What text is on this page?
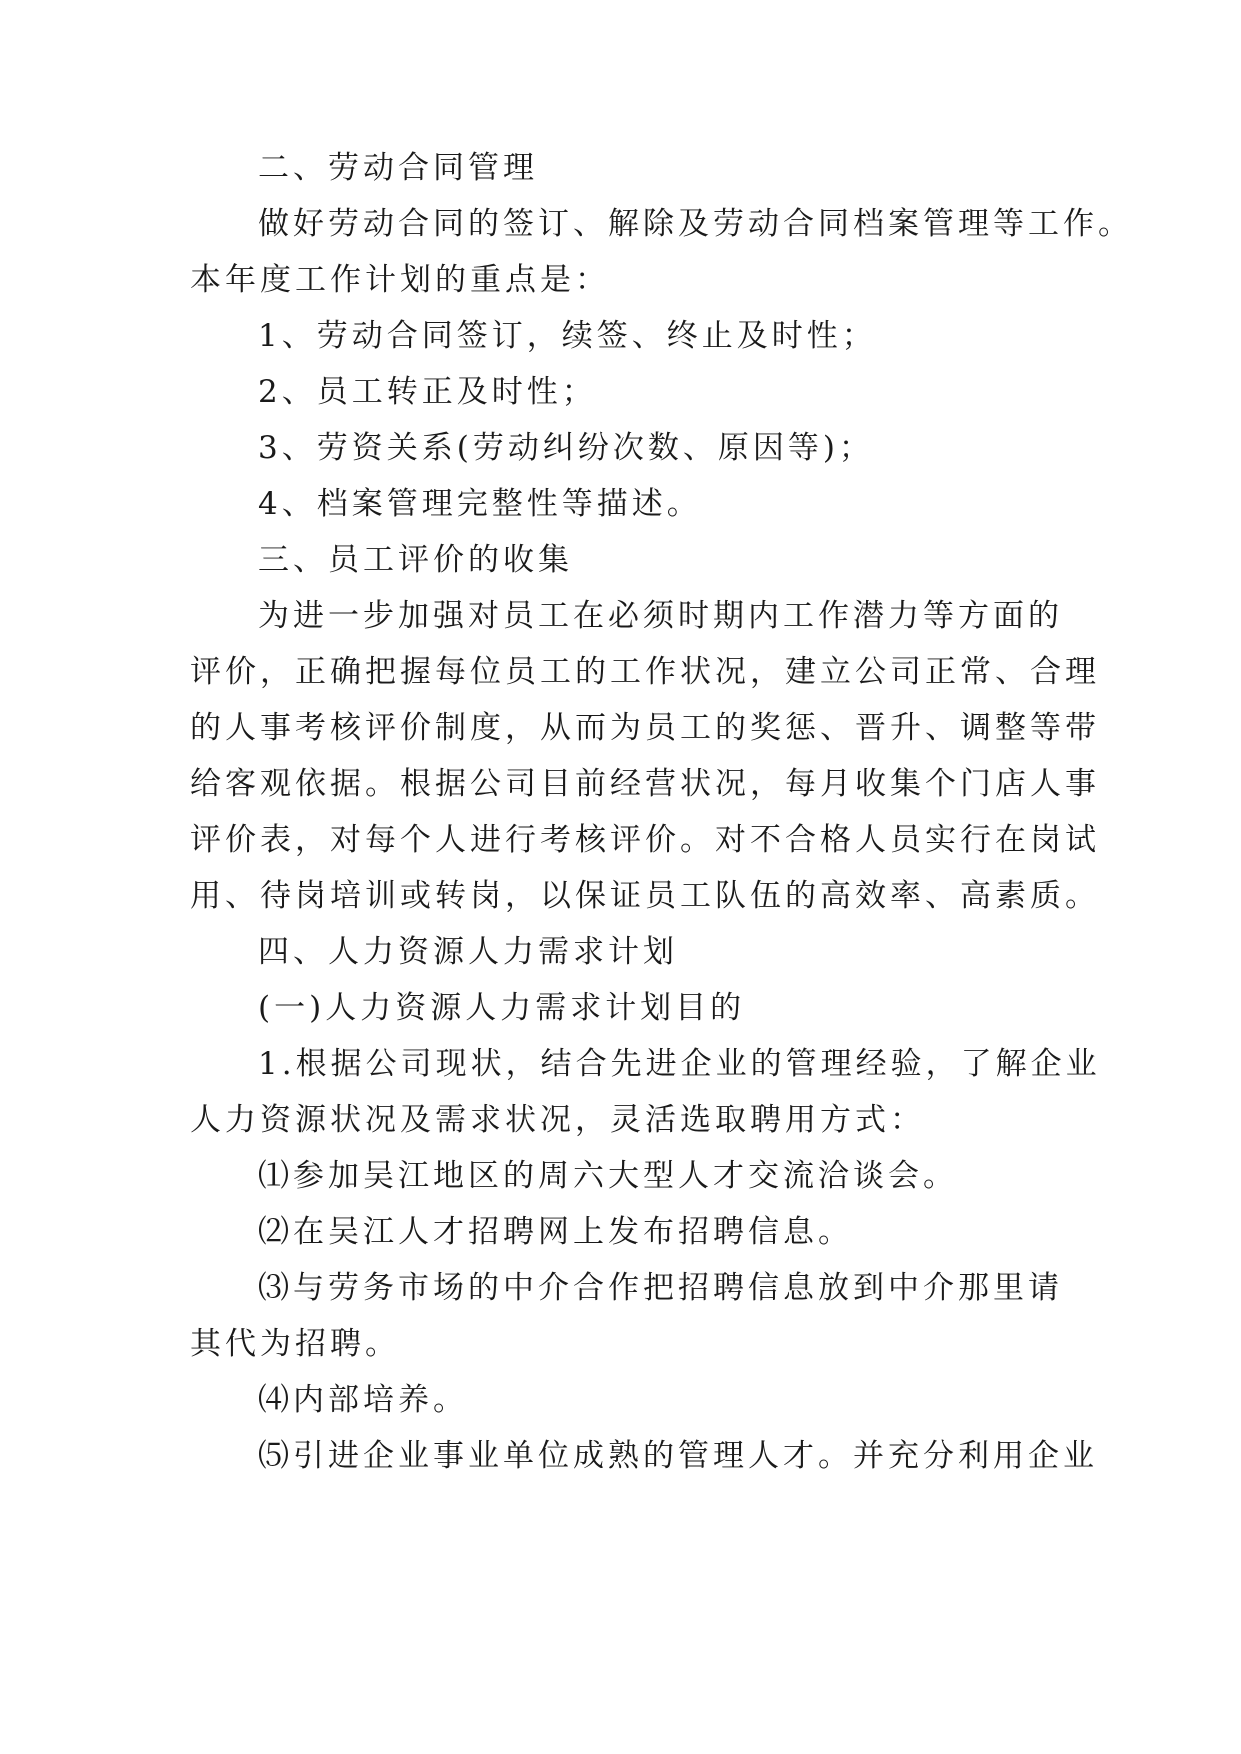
二、劳动合同管理
做好劳动合同的签订、解除及劳动合同档案管理等工作。
本年度工作计划的重点是：
1、劳动合同签订，续签、终止及时性；
2、员工转正及时性；
3、劳资关系(劳动纠纷次数、原因等)；
4、档案管理完整性等描述。
三、员工评价的收集
为进一步加强对员工在必须时期内工作潜力等方面的
评价，正确把握每位员工的工作状况，建立公司正常、合理
的人事考核评价制度，从而为员工的奖惩、晋升、调整等带
给客观依据。根据公司目前经营状况，每月收集个门店人事
评价表，对每个人进行考核评价。对不合格人员实行在岗试
用、待岗培训或转岗，以保证员工队伍的高效率、高素质。
四、人力资源人力需求计划
(一)人力资源人力需求计划目的
1.根据公司现状，结合先进企业的管理经验，了解企业
人力资源状况及需求状况，灵活选取聘用方式：
⑴参加吴江地区的周六大型人才交流洽谈会。
⑵在吴江人才招聘网上发布招聘信息。
⑶与劳务市场的中介合作把招聘信息放到中介那里请
其代为招聘。
⑷内部培养。
⑸引进企业事业单位成熟的管理人才。并充分利用企业
